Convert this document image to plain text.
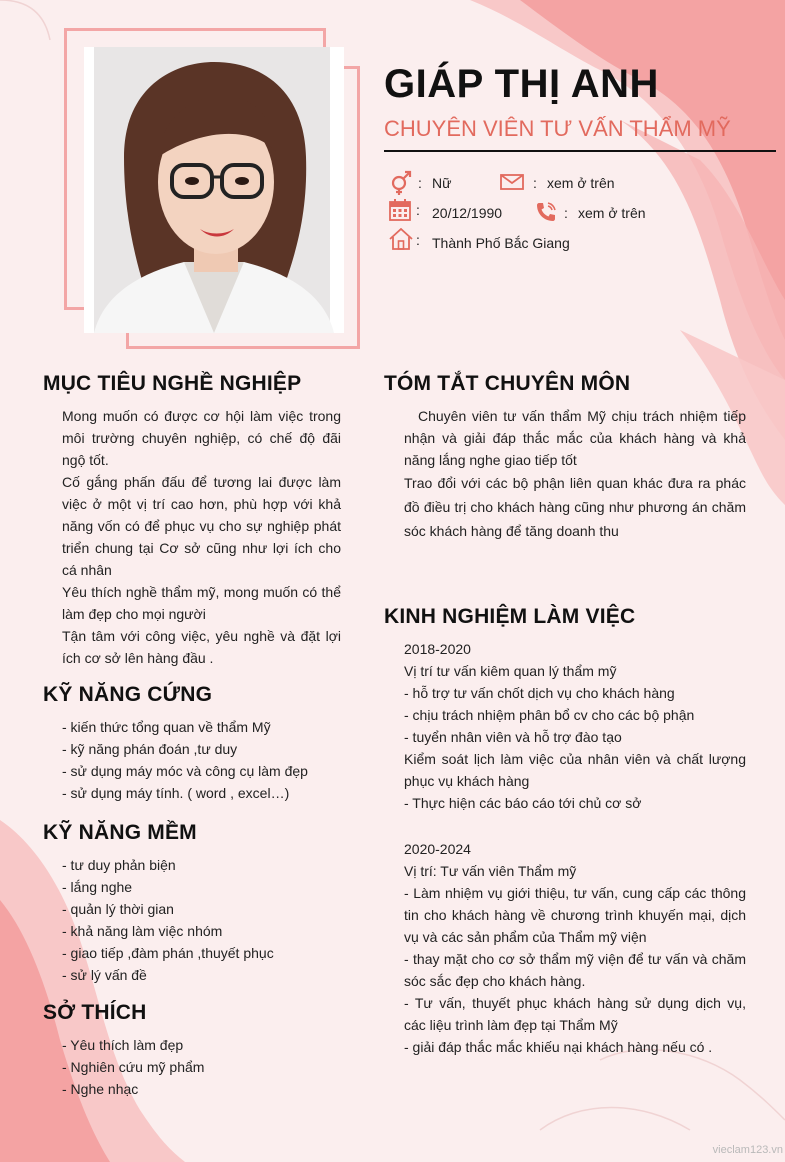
GIÁP THỊ ANH
CHUYÊN VIÊN TƯ VẤN THẨM MỸ
: Nữ	: xem ở trên
: 20/12/1990	: xem ở trên
: Thành Phố Bắc Giang
MỤC TIÊU NGHỀ NGHIỆP

Mong muốn có được cơ hội làm việc trong môi trường chuyên nghiệp, có chế độ đãi ngộ tốt.

Cố gắng phấn đấu để tương lai được làm việc ở một vị trí cao hơn, phù hợp với khả năng vốn có để phục vụ cho sự nghiệp phát triển chung tại Cơ sở cũng như lợi ích cho cá nhân

Yêu thích nghề thẩm mỹ, mong muốn có thể làm đẹp cho mọi người

Tận tâm với công việc, yêu nghề và đặt lợi ích cơ sở lên hàng đầu .

KỸ NĂNG CỨNG
- kiến thức tổng quan về thẩm Mỹ
- kỹ năng phán đoán ,tư duy
- sử dụng máy móc và công cụ làm đẹp
- sử dụng máy tính. ( word , excel…)
KỸ NĂNG MỀM
- tư duy phản biện
- lắng nghe
- quản lý thời gian
- khả năng làm việc nhóm
- giao tiếp ,đàm phán ,thuyết phục
- sử lý vấn đề
SỞ THÍCH
- Yêu thích làm đẹp
- Nghiên cứu mỹ phẩm
- Nghe nhạc
TÓM TẮT CHUYÊN MÔN

Chuyên viên tư vấn thẩm Mỹ chịu trách nhiệm tiếp nhận và giải đáp thắc mắc của khách hàng và khả năng lắng nghe giao tiếp tốt

Trao đổi với các bộ phận liên quan khác đưa ra phác đồ điều trị cho khách hàng cũng như phương án chăm sóc khách hàng để tăng doanh thu

KINH NGHIỆM LÀM VIỆC
2018-2020

Vị trí tư vấn kiêm quan lý thẩm mỹ

- hỗ trợ tư vấn chốt dịch vụ cho khách hàng

- chịu trách nhiệm phân bổ cv cho các bộ phận

- tuyển nhân viên và hỗ trợ đào tạo

Kiểm soát lịch làm việc của nhân viên và chất lượng phục vụ khách hàng

- Thực hiện các báo cáo tới chủ cơ sở

2020-2024

Vị trí: Tư vấn viên Thẩm mỹ

- Làm nhiệm vụ giới thiệu, tư vấn, cung cấp các thông tin cho khách hàng về chương trình khuyến mại, dịch vụ và các sản phẩm của Thẩm mỹ viện

- thay mặt cho cơ sở thẩm mỹ viện để tư vấn và chăm sóc sắc đẹp cho khách hàng.

- Tư vấn, thuyết phục khách hàng sử dụng dịch vụ, các liệu trình làm đẹp tại Thẩm Mỹ

- giải đáp thắc mắc khiếu nại khách hàng nếu có .

vieclam123.vn
